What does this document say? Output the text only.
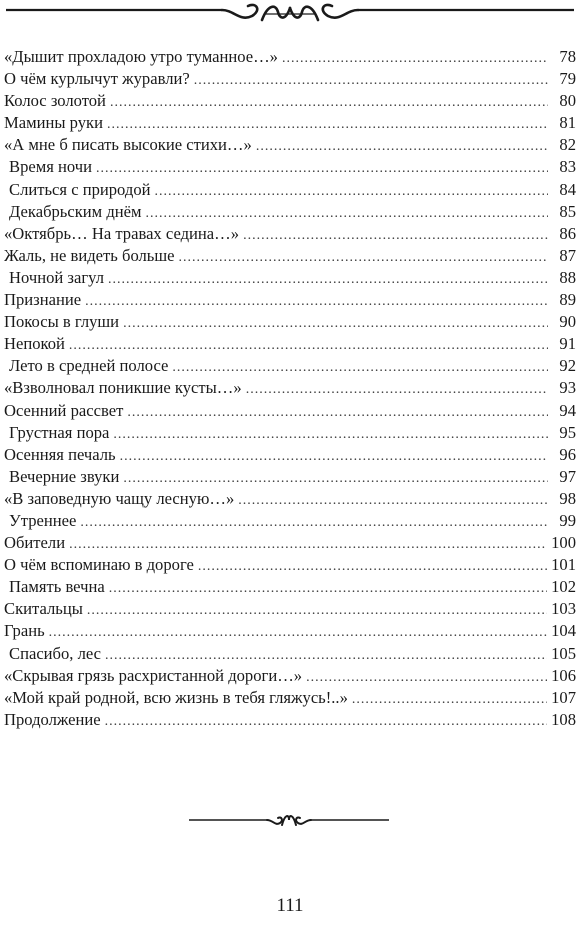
«Дышит прохладою утро туманное…» .....	78
О чём курлычут журавли? .....	79
Колос золотой .....	80
Мамины руки .....	81
«А мне б писать высокие стихи…» .....	82
Время ночи .....	83
Слиться с природой .....	84
Декабрьским днём .....	85
«Октябрь… На травах седина…» .....	86
Жаль, не видеть больше .....	87
Ночной загул .....	88
Признание .....	89
Покосы в глуши .....	90
Непокой .....	91
Лето в средней полосе .....	92
«Взволновал поникшие кусты…» .....	93
Осенний рассвет .....	94
Грустная пора .....	95
Осенняя печаль .....	96
Вечерние звуки .....	97
«В заповедную чащу лесную…» .....	98
Утреннее .....	99
Обители .....	100
О чём вспоминаю в дороге .....	101
Память вечна .....	102
Скитальцы .....	103
Грань .....	104
Спасибо, лес .....	105
«Скрывая грязь расхристанной дороги…» .....	106
«Мой край родной, всю жизнь в тебя гляжусь!..» .....	107
Продолжение .....	108
111
